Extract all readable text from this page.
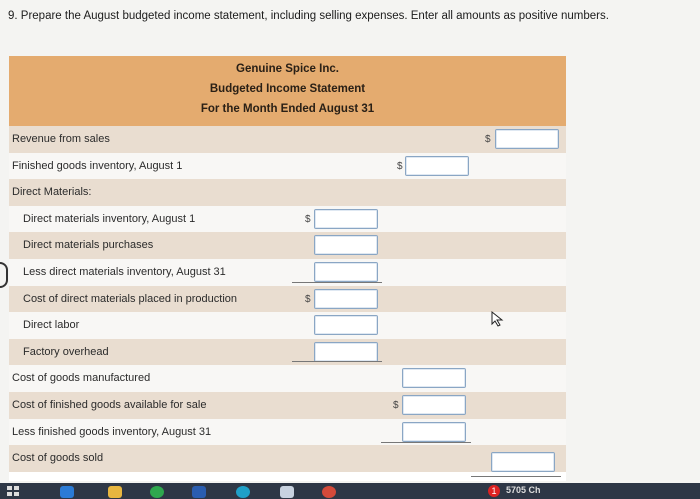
9. Prepare the August budgeted income statement, including selling expenses. Enter all amounts as positive numbers.
Genuine Spice Inc.
Budgeted Income Statement
For the Month Ended August 31
Revenue from sales	$
Finished goods inventory, August 1	$
Direct Materials:
Direct materials inventory, August 1	$
Direct materials purchases
Less direct materials inventory, August 31
Cost of direct materials placed in production	$
Direct labor
Factory overhead
Cost of goods manufactured
Cost of finished goods available for sale	$
Less finished goods inventory, August 31
Cost of goods sold
1	5705 Ch
